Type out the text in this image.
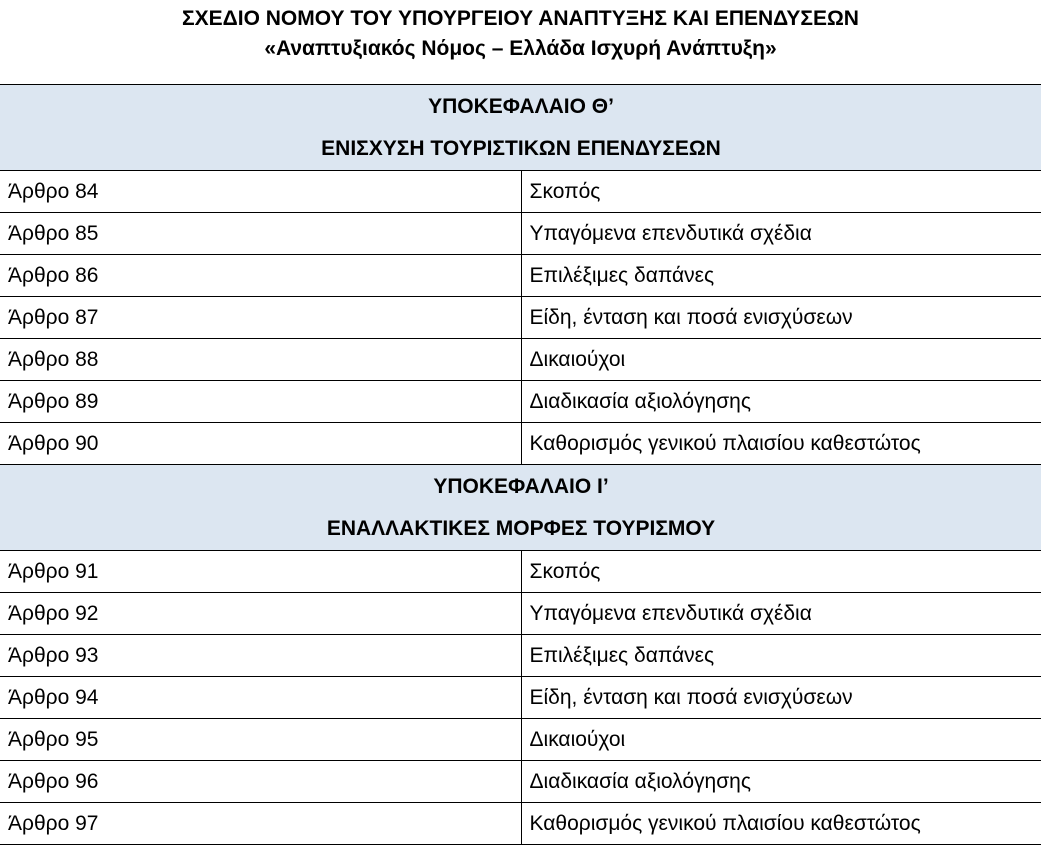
ΣΧΕΔΙΟ ΝΟΜΟΥ ΤΟΥ ΥΠΟΥΡΓΕΙΟΥ ΑΝΑΠΤΥΞΗΣ ΚΑΙ ΕΠΕΝΔΥΣΕΩΝ
«Αναπτυξιακός Νόμος – Ελλάδα Ισχυρή Ανάπτυξη»
ΥΠΟΚΕΦΑΛΑΙΟ Θ’
ΕΝΙΣΧΥΣΗ ΤΟΥΡΙΣΤΙΚΩΝ ΕΠΕΝΔΥΣΕΩΝ	

Άρθρο 84	Σκοπός
Άρθρο 85	Υπαγόμενα επενδυτικά σχέδια
Άρθρο 86	Επιλέξιμες δαπάνες
Άρθρο 87	Είδη, ένταση και ποσά ενισχύσεων
Άρθρο 88	Δικαιούχοι
Άρθρο 89	Διαδικασία αξιολόγησης
Άρθρο 90	Καθορισμός γενικού πλαισίου καθεστώτος

ΥΠΟΚΕΦΑΛΑΙΟ Ι’
ΕΝΑΛΛΑΚΤΙΚΕΣ ΜΟΡΦΕΣ ΤΟΥΡΙΣΜΟΥ	

Άρθρο 91	Σκοπός
Άρθρο 92	Υπαγόμενα επενδυτικά σχέδια
Άρθρο 93	Επιλέξιμες δαπάνες
Άρθρο 94	Είδη, ένταση και ποσά ενισχύσεων
Άρθρο 95	Δικαιούχοι
Άρθρο 96	Διαδικασία αξιολόγησης
Άρθρο 97	Καθορισμός γενικού πλαισίου καθεστώτος
